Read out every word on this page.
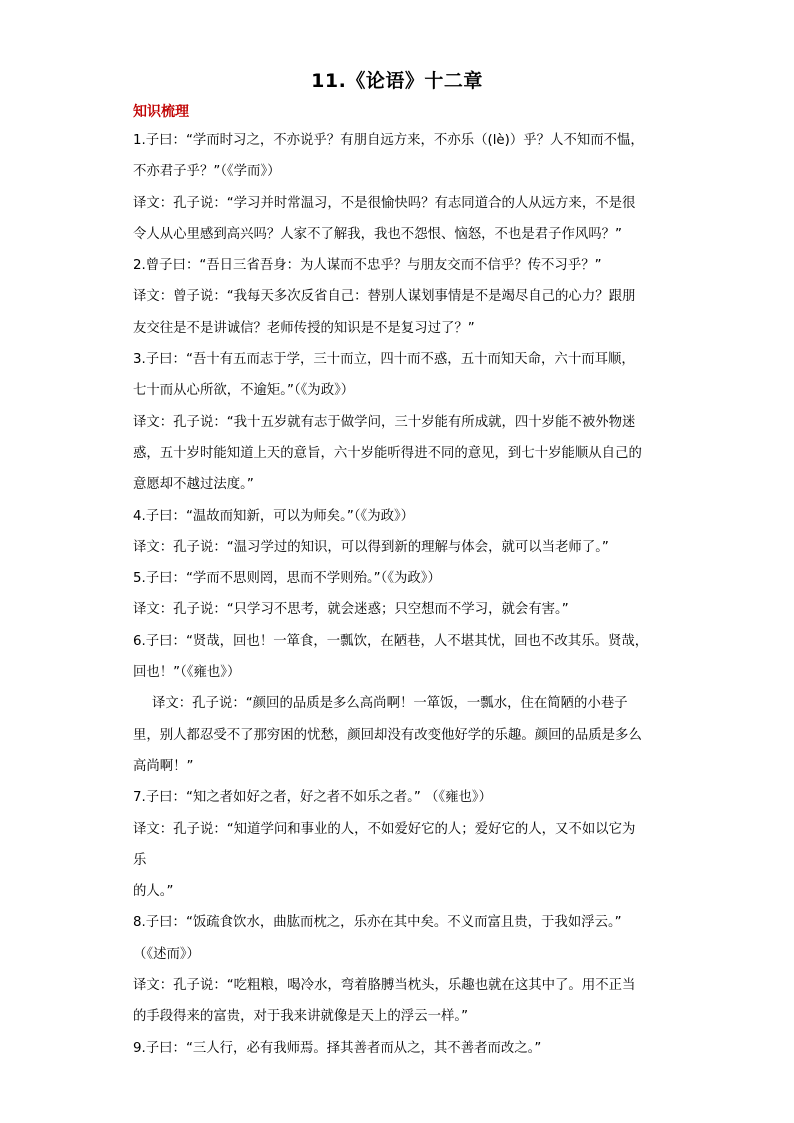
11.《论语》十二章
知识梳理
1.子曰：“学而时习之，不亦说乎？有朋自远方来，不亦乐（(lè)）乎？人不知而不愠，
不亦君子乎？”（《学而》）
译文：孔子说：“学习并时常温习，不是很愉快吗？有志同道合的人从远方来，不是很
令人从心里感到高兴吗？人家不了解我，我也不怨恨、恼怒，不也是君子作风吗？”
2.曾子曰：“吾日三省吾身：为人谋而不忠乎？与朋友交而不信乎？传不习乎？”
译文：曾子说：“我每天多次反省自己：替别人谋划事情是不是竭尽自己的心力？跟朋
友交往是不是讲诚信？老师传授的知识是不是复习过了？”
3.子曰：“吾十有五而志于学，三十而立，四十而不惑，五十而知天命，六十而耳顺，
七十而从心所欲，不逾矩。”（《为政》）
译文：孔子说：“我十五岁就有志于做学问，三十岁能有所成就，四十岁能不被外物迷
惑，五十岁时能知道上天的意旨，六十岁能听得进不同的意见，到七十岁能顺从自己的
意愿却不越过法度。”
4.子曰：“温故而知新，可以为师矣。”（《为政》）
译文：孔子说：“温习学过的知识，可以得到新的理解与体会，就可以当老师了。”
5.子曰：“学而不思则罔，思而不学则殆。”（《为政》）
译文：孔子说：“只学习不思考，就会迷惑；只空想而不学习，就会有害。”
6.子曰：“贤哉，回也！一箪食，一瓢饮，在陋巷，人不堪其忧，回也不改其乐。贤哉，
回也！”（《雍也》）
译文：孔子说：“颜回的品质是多么高尚啊！一箪饭，一瓢水，住在简陋的小巷子
里，别人都忍受不了那穷困的忧愁，颜回却没有改变他好学的乐趣。颜回的品质是多么
高尚啊！”
7.子曰：“知之者如好之者，好之者不如乐之者。” （《雍也》）
译文：孔子说：“知道学问和事业的人，不如爱好它的人；爱好它的人，又不如以它为
乐
的人。”
8.子曰：“饭疏食饮水，曲肱而枕之，乐亦在其中矣。不义而富且贵，于我如浮云。”
（《述而》）
译文：孔子说：“吃粗粮，喝冷水，弯着胳膊当枕头，乐趣也就在这其中了。用不正当
的手段得来的富贵，对于我来讲就像是天上的浮云一样。”
9.子曰：“三人行，必有我师焉。择其善者而从之，其不善者而改之。”
